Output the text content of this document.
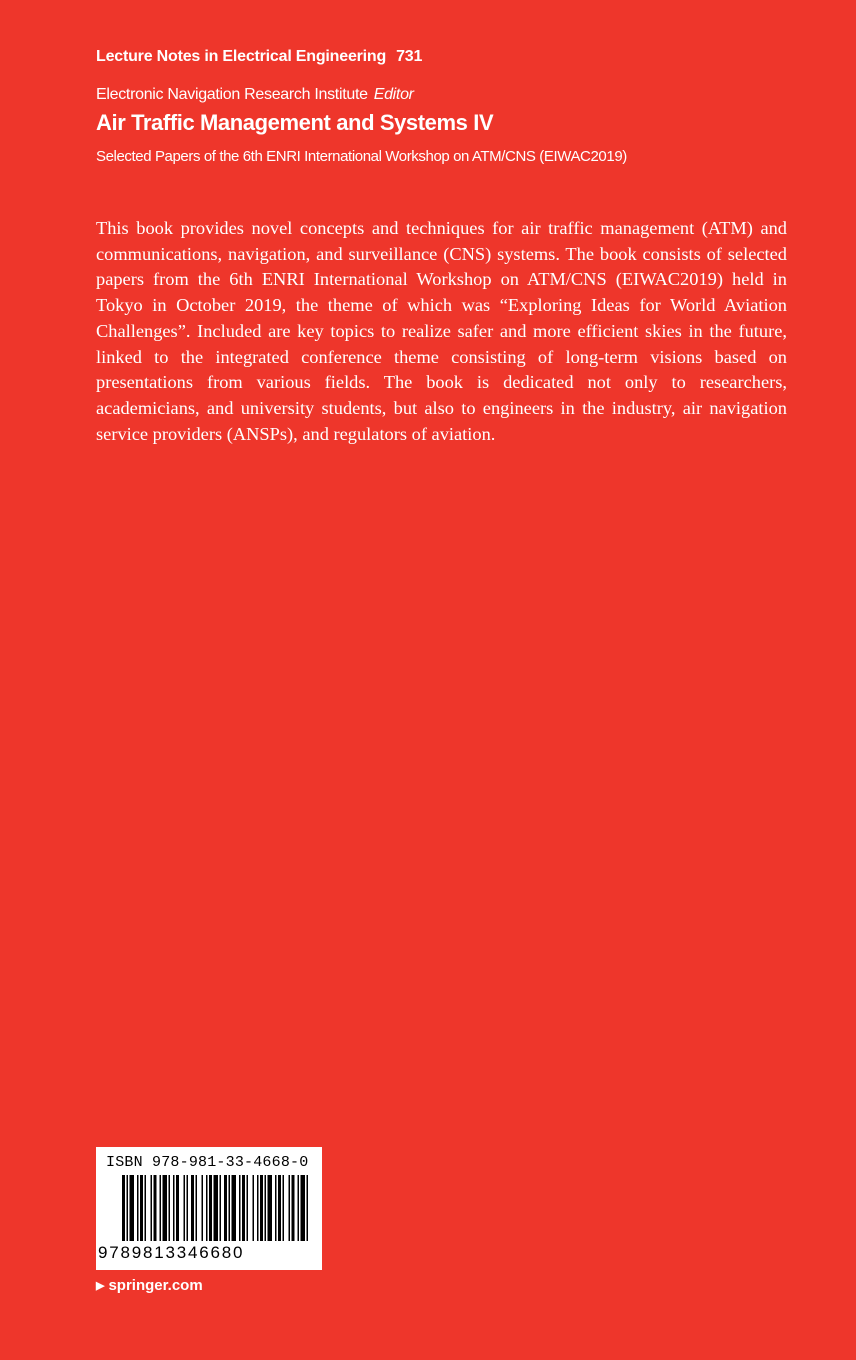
Lecture Notes in Electrical Engineering 731
Electronic Navigation Research Institute Editor
Air Traffic Management and Systems IV
Selected Papers of the 6th ENRI International Workshop on ATM/CNS (EIWAC2019)

This book provides novel concepts and techniques for air traffic management (ATM) and communications, navigation, and surveillance (CNS) systems. The book consists of selected papers from the 6th ENRI International Workshop on ATM/CNS (EIWAC2019) held in Tokyo in October 2019, the theme of which was “Exploring Ideas for World Aviation Challenges”. Included are key topics to realize safer and more efficient skies in the future, linked to the integrated conference theme consisting of long-term visions based on presentations from various fields. The book is dedicated not only to researchers, academicians, and university students, but also to engineers in the industry, air navigation service providers (ANSPs), and regulators of aviation.

ISBN 978-981-33-4668-0
9789813346680
▶ springer.com
